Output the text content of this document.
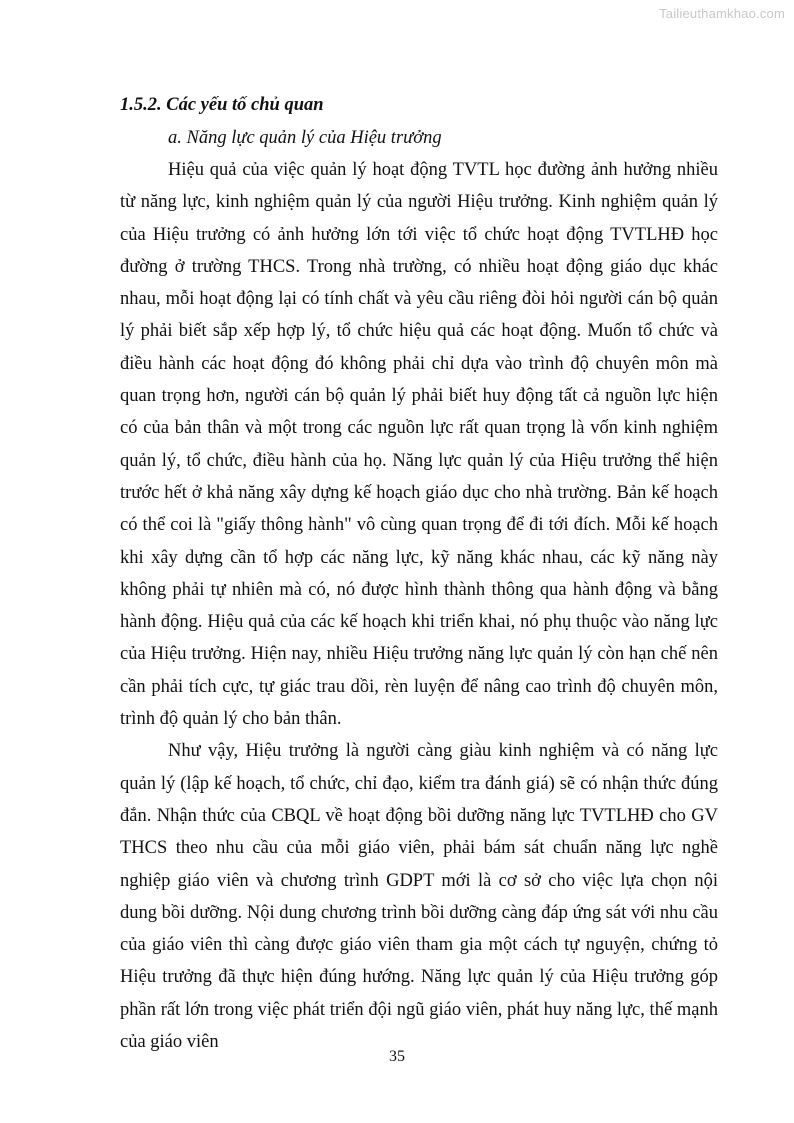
Tailieuthamkhao.com

1.5.2. Các yếu tố chủ quan

a. Năng lực quản lý của Hiệu trưởng

Hiệu quả của việc quản lý hoạt động TVTL học đường ảnh hưởng nhiều từ năng lực, kinh nghiệm quản lý của người Hiệu trưởng. Kinh nghiệm quản lý của Hiệu trưởng có ảnh hưởng lớn tới việc tổ chức hoạt động TVTLHĐ học đường ở trường THCS. Trong nhà trường, có nhiều hoạt động giáo dục khác nhau, mỗi hoạt động lại có tính chất và yêu cầu riêng đòi hỏi người cán bộ quản lý phải biết sắp xếp hợp lý, tổ chức hiệu quả các hoạt động. Muốn tổ chức và điều hành các hoạt động đó không phải chỉ dựa vào trình độ chuyên môn mà quan trọng hơn, người cán bộ quản lý phải biết huy động tất cả nguồn lực hiện có của bản thân và một trong các nguồn lực rất quan trọng là vốn kinh nghiệm quản lý, tổ chức, điều hành của họ. Năng lực quản lý của Hiệu trưởng thể hiện trước hết ở khả năng xây dựng kế hoạch giáo dục cho nhà trường. Bản kế hoạch có thể coi là "giấy thông hành" vô cùng quan trọng để đi tới đích. Mỗi kế hoạch khi xây dựng cần tổ hợp các năng lực, kỹ năng khác nhau, các kỹ năng này không phải tự nhiên mà có, nó được hình thành thông qua hành động và bằng hành động. Hiệu quả của các kế hoạch khi triển khai, nó phụ thuộc vào năng lực của Hiệu trưởng. Hiện nay, nhiều Hiệu trưởng năng lực quản lý còn hạn chế nên cần phải tích cực, tự giác trau dồi, rèn luyện để nâng cao trình độ chuyên môn, trình độ quản lý cho bản thân.

Như vậy, Hiệu trưởng là người càng giàu kinh nghiệm và có năng lực quản lý (lập kế hoạch, tổ chức, chỉ đạo, kiểm tra đánh giá) sẽ có nhận thức đúng đắn. Nhận thức của CBQL về hoạt động bồi dưỡng năng lực TVTLHĐ cho GV THCS theo nhu cầu của mỗi giáo viên, phải bám sát chuẩn năng lực nghề nghiệp giáo viên và chương trình GDPT mới là cơ sở cho việc lựa chọn nội dung bồi dưỡng. Nội dung chương trình bồi dưỡng càng đáp ứng sát với nhu cầu của giáo viên thì càng được giáo viên tham gia một cách tự nguyện, chứng tỏ Hiệu trưởng đã thực hiện đúng hướng. Năng lực quản lý của Hiệu trưởng góp phần rất lớn trong việc phát triển đội ngũ giáo viên, phát huy năng lực, thế mạnh của giáo viên

35
